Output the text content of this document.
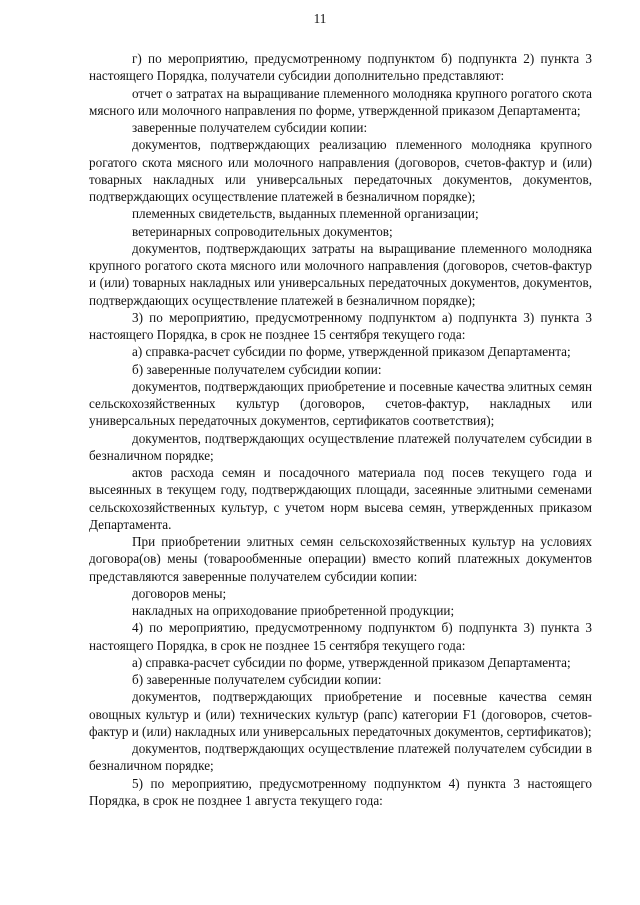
11

г) по мероприятию, предусмотренному подпунктом б) подпункта 2) пункта 3 настоящего Порядка, получатели субсидии дополнительно представляют:

отчет о затратах на выращивание племенного молодняка крупного рогатого скота мясного или молочного направления по форме, утвержденной приказом Департамента;

заверенные получателем субсидии копии:

документов, подтверждающих реализацию племенного молодняка крупного рогатого скота мясного или молочного направления (договоров, счетов-фактур и (или) товарных накладных или универсальных передаточных документов, документов, подтверждающих осуществление платежей в безналичном порядке);

племенных свидетельств, выданных племенной организации;

ветеринарных сопроводительных документов;

документов, подтверждающих затраты на выращивание племенного молодняка крупного рогатого скота мясного или молочного направления (договоров, счетов-фактур и (или) товарных накладных или универсальных передаточных документов, документов, подтверждающих осуществление платежей в безналичном порядке);

3) по мероприятию, предусмотренному подпунктом а) подпункта 3) пункта 3 настоящего Порядка, в срок не позднее 15 сентября текущего года:

а) справка-расчет субсидии по форме, утвержденной приказом Департамента;

б) заверенные получателем субсидии копии:

документов, подтверждающих приобретение и посевные качества элитных семян сельскохозяйственных культур (договоров, счетов-фактур, накладных или универсальных передаточных документов, сертификатов соответствия);

документов, подтверждающих осуществление платежей получателем субсидии в безналичном порядке;

актов расхода семян и посадочного материала под посев текущего года и высеянных в текущем году, подтверждающих площади, засеянные элитными семенами сельскохозяйственных культур, с учетом норм высева семян, утвержденных приказом Департамента.

При приобретении элитных семян сельскохозяйственных культур на условиях договора(ов) мены (товарообменные операции) вместо копий платежных документов представляются заверенные получателем субсидии копии:

договоров мены;

накладных на оприходование приобретенной продукции;

4) по мероприятию, предусмотренному подпунктом б) подпункта 3) пункта 3 настоящего Порядка, в срок не позднее 15 сентября текущего года:

а) справка-расчет субсидии по форме, утвержденной приказом Департамента;

б) заверенные получателем субсидии копии:

документов, подтверждающих приобретение и посевные качества семян овощных культур и (или) технических культур (рапс) категории F1 (договоров, счетов-фактур и (или) накладных или универсальных передаточных документов, сертификатов);

документов, подтверждающих осуществление платежей получателем субсидии в безналичном порядке;

5) по мероприятию, предусмотренному подпунктом 4) пункта 3 настоящего Порядка, в срок не позднее 1 августа текущего года:
